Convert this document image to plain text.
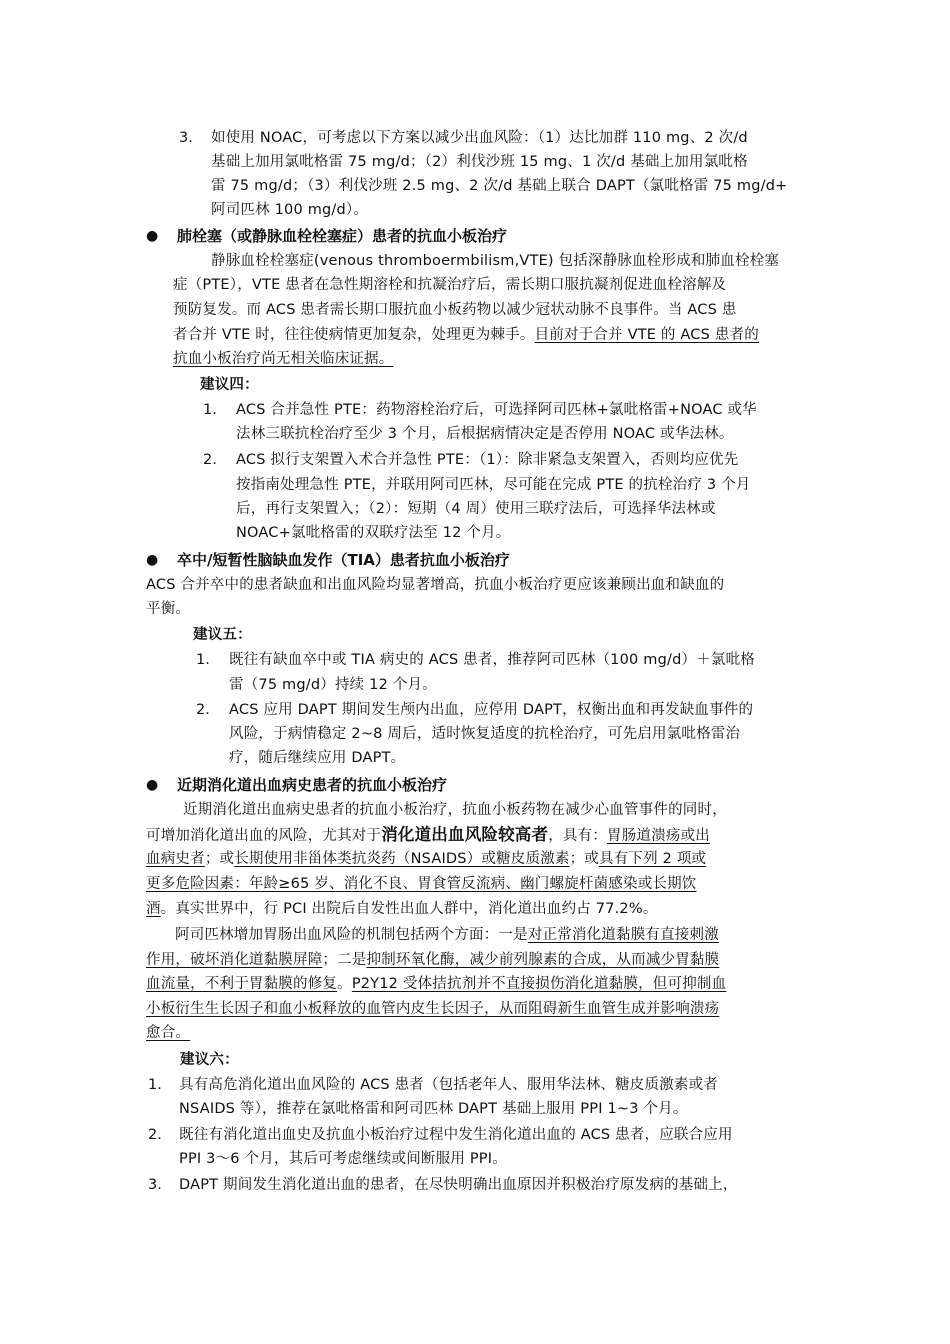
3. 如使用 NOAC，可考虑以下方案以减少出血风险：（1）达比加群 110 mg、2 次/d
基础上加用氯吡格雷 75 mg/d；（2）利伐沙班 15 mg、1 次/d 基础上加用氯吡格
雷 75 mg/d；（3）利伐沙班 2.5 mg、2 次/d 基础上联合 DAPT（氯吡格雷 75 mg/d+
阿司匹林 100 mg/d）。
● 肺栓塞（或静脉血栓栓塞症）患者的抗血小板治疗
静脉血栓栓塞症(venous thromboermbilism,VTE) 包括深静脉血栓形成和肺血栓栓塞
症（PTE），VTE 患者在急性期溶栓和抗凝治疗后，需长期口服抗凝剂促进血栓溶解及
预防复发。而 ACS 患者需长期口服抗血小板药物以减少冠状动脉不良事件。当 ACS 患
者合并 VTE 时，往往使病情更加复杂，处理更为棘手。目前对于合并 VTE 的 ACS 患者的
抗血小板治疗尚无相关临床证据。
建议四：
1. ACS 合并急性 PTE：药物溶栓治疗后，可选择阿司匹林+氯吡格雷+NOAC 或华
法林三联抗栓治疗至少 3 个月，后根据病情决定是否停用 NOAC 或华法林。
2. ACS 拟行支架置入术合并急性 PTE：（1）：除非紧急支架置入，否则均应优先
按指南处理急性 PTE，并联用阿司匹林，尽可能在完成 PTE 的抗栓治疗 3 个月
后，再行支架置入；（2）：短期（4 周）使用三联疗法后，可选择华法林或
NOAC+氯吡格雷的双联疗法至 12 个月。
● 卒中/短暂性脑缺血发作（TIA）患者抗血小板治疗
ACS 合并卒中的患者缺血和出血风险均显著增高，抗血小板治疗更应该兼顾出血和缺血的
平衡。
建议五：
1. 既往有缺血卒中或 TIA 病史的 ACS 患者，推荐阿司匹林（100 mg/d）＋氯吡格
雷（75 mg/d）持续 12 个月。
2. ACS 应用 DAPT 期间发生颅内出血，应停用 DAPT，权衡出血和再发缺血事件的
风险，于病情稳定 2~8 周后，适时恢复适度的抗栓治疗，可先启用氯吡格雷治
疗，随后继续应用 DAPT。
● 近期消化道出血病史患者的抗血小板治疗
近期消化道出血病史患者的抗血小板治疗，抗血小板药物在减少心血管事件的同时，
可增加消化道出血的风险，尤其对于消化道出血风险较高者，具有：胃肠道溃疡或出
血病史者；或长期使用非甾体类抗炎药（NSAIDS）或糖皮质激素；或具有下列 2 项或
更多危险因素：年龄≥65 岁、消化不良、胃食管反流病、幽门螺旋杆菌感染或长期饮
酒。真实世界中，行 PCI 出院后自发性出血人群中，消化道出血约占 77.2%。
阿司匹林增加胃肠出血风险的机制包括两个方面：一是对正常消化道黏膜有直接刺激
作用，破坏消化道黏膜屏障；二是抑制环氧化酶，减少前列腺素的合成，从而减少胃黏膜
血流量，不利于胃黏膜的修复。P2Y12 受体拮抗剂并不直接损伤消化道黏膜，但可抑制血
小板衍生生长因子和血小板释放的血管内皮生长因子，从而阻碍新生血管生成并影响溃疡
愈合。
建议六：
1. 具有高危消化道出血风险的 ACS 患者（包括老年人、服用华法林、糖皮质激素或者
NSAIDS 等），推荐在氯吡格雷和阿司匹林 DAPT 基础上服用 PPI 1~3 个月。
2. 既往有消化道出血史及抗血小板治疗过程中发生消化道出血的 ACS 患者，应联合应用
PPI 3～6 个月，其后可考虑继续或间断服用 PPI。
3. DAPT 期间发生消化道出血的患者，在尽快明确出血原因并积极治疗原发病的基础上，
